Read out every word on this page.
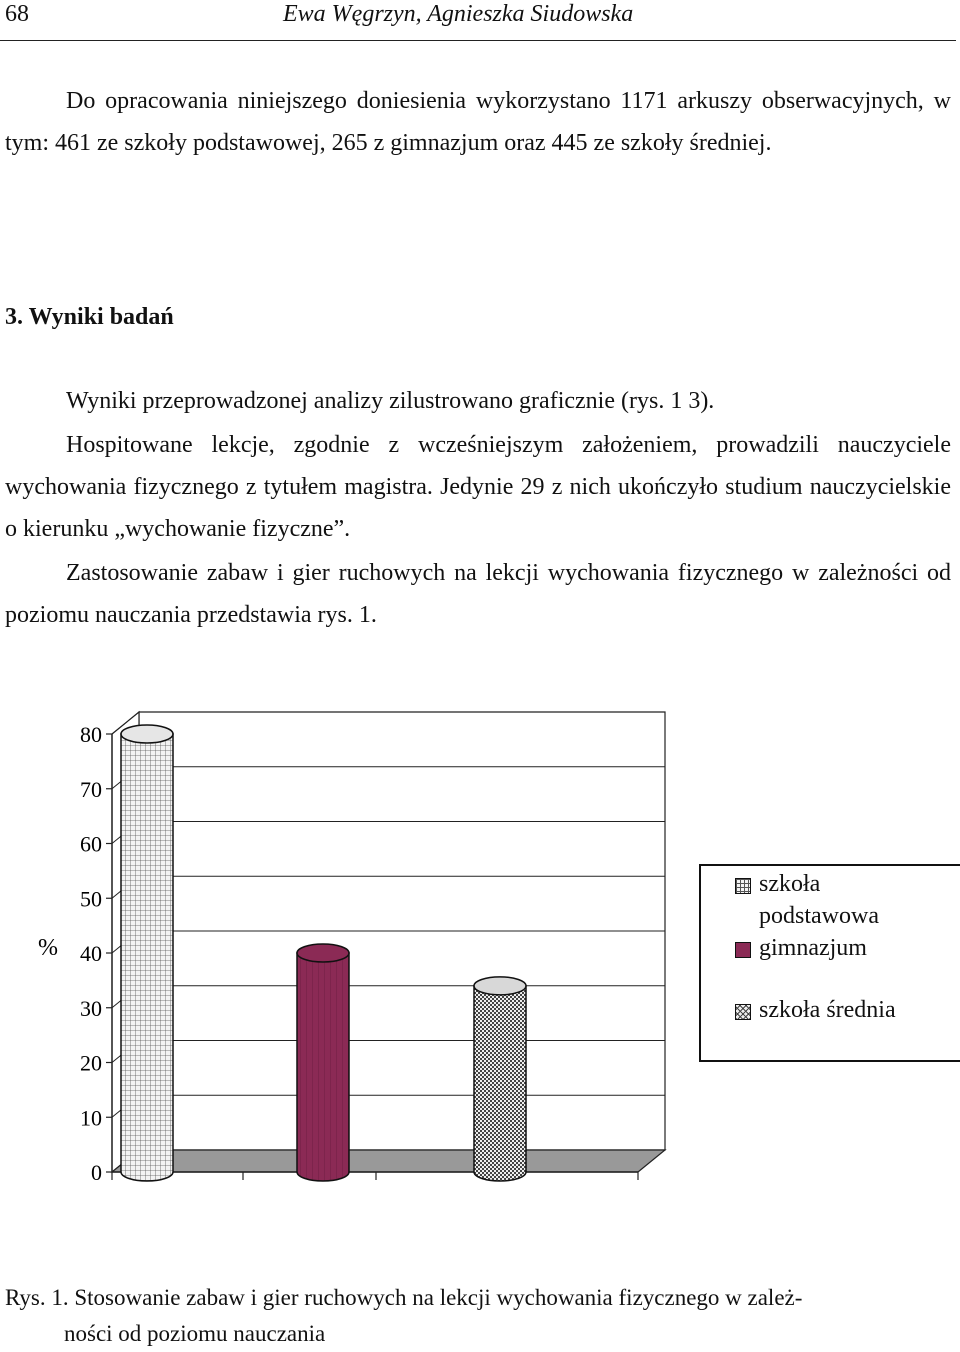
68	Ewa Węgrzyn, Agnieszka Siudowska

Do opracowania niniejszego doniesienia wykorzystano 1171 arkuszy obserwacyjnych, w tym: 461 ze szkoły podstawowej, 265 z gimnazjum oraz 445 ze szkoły średniej.

3. Wyniki badań

Wyniki przeprowadzonej analizy zilustrowano graficznie (rys. 1 3).

Hospitowane lekcje, zgodnie z wcześniejszym założeniem, prowadzili nauczyciele wychowania fizycznego z tytułem magistra. Jedynie 29 z nich ukończyło studium nauczycielskie o kierunku „wychowanie fizyczne”.

Zastosowanie zabaw i gier ruchowych na lekcji wychowania fizycznego w zależności od poziomu nauczania przedstawia rys. 1.

0
10
20
30
40
50
60
70
80
%
szkoła
podstawowa
gimnazjum
szkoła średnia

Rys. 1. Stosowanie zabaw i gier ruchowych na lekcji wychowania fizycznego w zależ-
ności od poziomu nauczania
